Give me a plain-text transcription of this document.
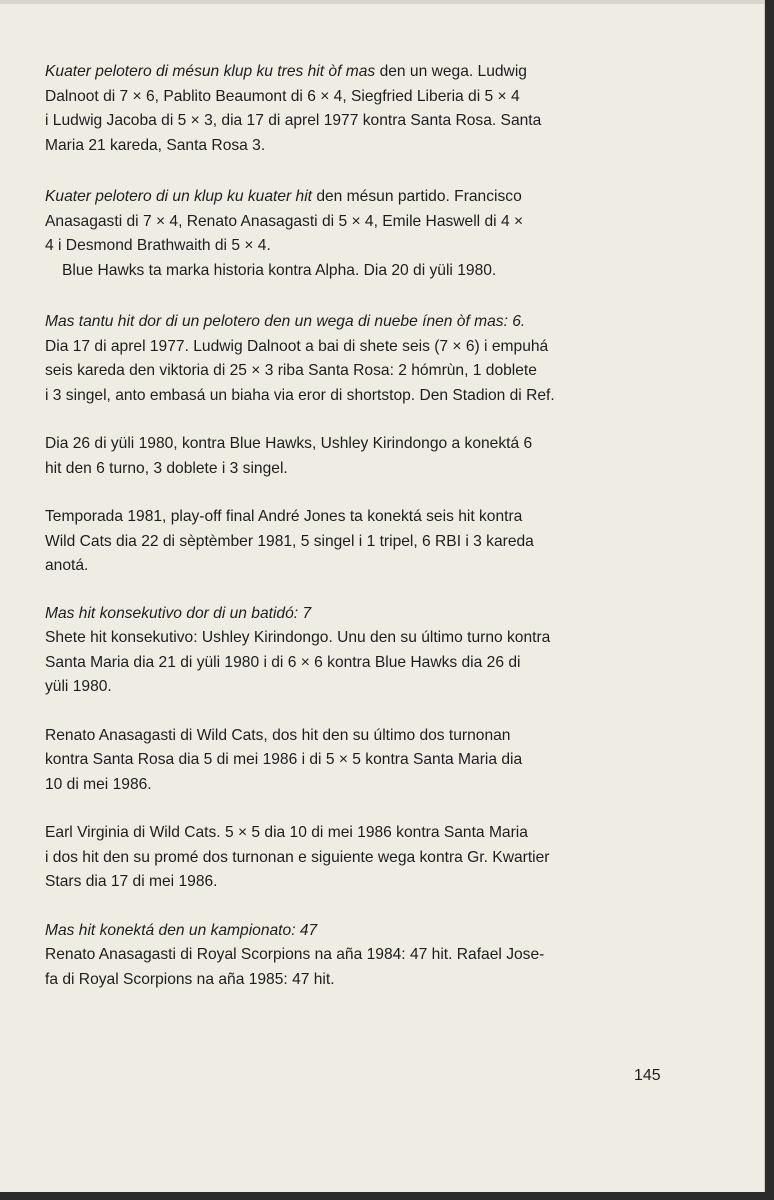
Kuater pelotero di mésun klup ku tres hit òf mas den un wega. Ludwig
Dalnoot di 7 × 6, Pablito Beaumont di 6 × 4, Siegfried Liberia di 5 × 4
i Ludwig Jacoba di 5 × 3, dia 17 di aprel 1977 kontra Santa Rosa. Santa
Maria 21 kareda, Santa Rosa 3.

Kuater pelotero di un klup ku kuater hit den mésun partido. Francisco
Anasagasti di 7 × 4, Renato Anasagasti di 5 × 4, Emile Haswell di 4 ×
4 i Desmond Brathwaith di 5 × 4.

Blue Hawks ta marka historia kontra Alpha. Dia 20 di yüli 1980.

Mas tantu hit dor di un pelotero den un wega di nuebe ínen òf mas: 6.
Dia 17 di aprel 1977. Ludwig Dalnoot a bai di shete seis (7 × 6) i empuhá
seis kareda den viktoria di 25 × 3 riba Santa Rosa: 2 hómrùn, 1 doblete
i 3 singel, anto embasá un biaha via eror di shortstop. Den Stadion di Ref.

Dia 26 di yüli 1980, kontra Blue Hawks, Ushley Kirindongo a konektá 6
hit den 6 turno, 3 doblete i 3 singel.

Temporada 1981, play-off final André Jones ta konektá seis hit kontra
Wild Cats dia 22 di sèptèmber 1981, 5 singel i 1 tripel, 6 RBI i 3 kareda
anotá.

Mas hit konsekutivo dor di un batidó: 7
Shete hit konsekutivo: Ushley Kirindongo. Unu den su último turno kontra
Santa Maria dia 21 di yüli 1980 i di 6 × 6 kontra Blue Hawks dia 26 di
yüli 1980.

Renato Anasagasti di Wild Cats, dos hit den su último dos turnonan
kontra Santa Rosa dia 5 di mei 1986 i di 5 × 5 kontra Santa Maria dia
10 di mei 1986.

Earl Virginia di Wild Cats. 5 × 5 dia 10 di mei 1986 kontra Santa Maria
i dos hit den su promé dos turnonan e siguiente wega kontra Gr. Kwartier
Stars dia 17 di mei 1986.

Mas hit konektá den un kampionato: 47
Renato Anasagasti di Royal Scorpions na aña 1984: 47 hit. Rafael Jose-
fa di Royal Scorpions na aña 1985: 47 hit.

145
